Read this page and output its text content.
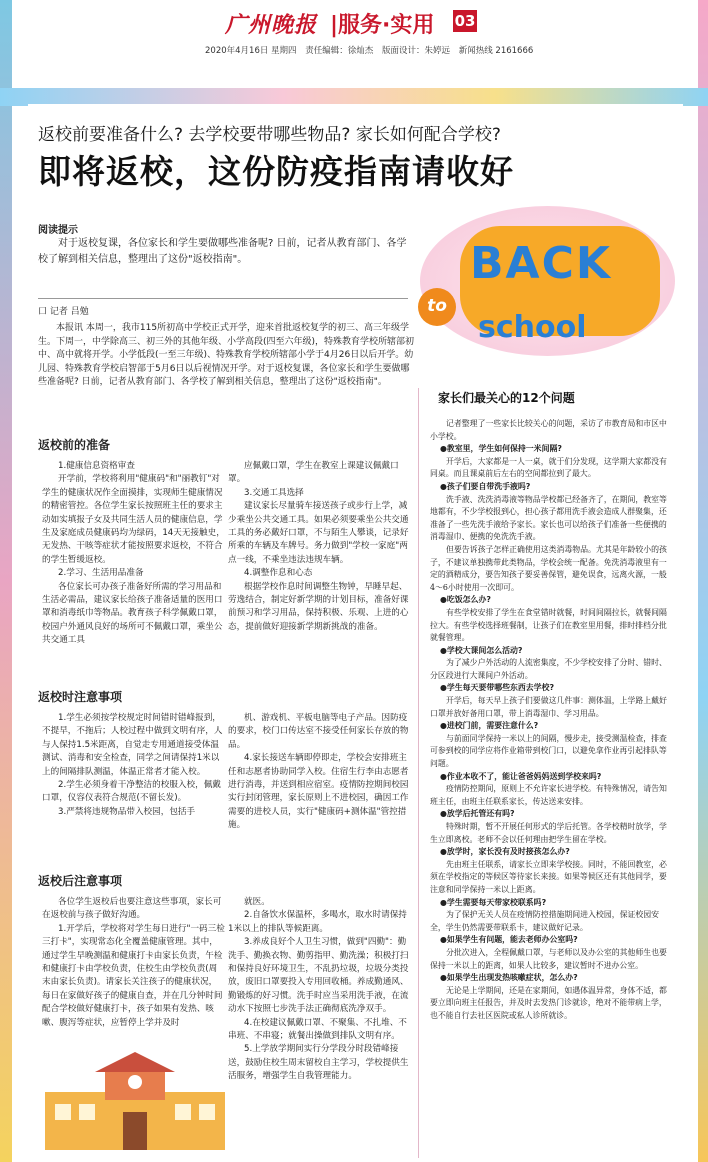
广州晚报 |服务·实用 03
2020年4月16日 星期四 责任编辑：徐灿杰 版面设计：朱婷远 新闻热线 2161666
返校前要准备什么? 去学校要带哪些物品? 家长如何配合学校?
即将返校，这份防疫指南请收好
BACK
to
school
阅读提示
对于返校复课，各位家长和学生要做哪些准备呢? 日前，记者从教育部门、各学校了解到相关信息，整理出了这份"返校指南"。
口 记者 吕勉
本报讯 本周一，我市115所初高中学校正式开学，迎来首批返校复学的初三、高三年级学生。下周一，中学除高三、初三外的其他年级、小学高段(四至六年级)，特殊教育学校所辖部初中、高中就将开学。小学低段(一至三年级)、特殊教育学校所辖部小学于4月26日以后开学。幼儿园、特殊教育学校启智部于5月6日以后视情况开学。对于返校复课，各位家长和学生要做哪些准备呢? 日前，记者从教育部门、各学校了解到相关信息，整理出了这份"返校指南"。
返校前的准备

1.健康信息资格审查

开学前，学校将利用"健康码"和"丽教钉"对学生的健康状况作全面摸排，实现师生健康情况的精密管控。各位学生家长按照班主任的要求主动如实填报子女及共同生活人员的健康信息，学生及家庭成员健康码均为绿码，14天无接触史，无发热、干咳等症状才能按照要求返校，不符合的学生暂缓返校。

2.学习、生活用品准备

各位家长可办孩子准备好所需的学习用品和生活必需品，建议家长给孩子准备适量的医用口罩和消毒纸巾等物品。教育孩子科学佩戴口罩，校园户外通风良好的场所可不佩戴口罩，乘坐公共交通工具

应佩戴口罩，学生在教室上课建议佩戴口罩。

3.交通工具选择

建议家长尽量骑车接送孩子或步行上学，减少乘坐公共交通工具。如果必须要乘坐公共交通工具的务必戴好口罩，不与陌生人攀谈，记录好所乘的车辆及车牌号。务力做到"学校一家庭"两点一线，不乘坐违法违规车辆。

4.调整作息和心态

根据学校作息时间调整生物钟，早睡早起、劳逸结合，制定好新学期的计划目标，准备好课前预习和学习用品，保持积极、乐观、上进的心态，提前做好迎接新学期新挑战的准备。

返校时注意事项

1.学生必须按学校规定时间错时错峰报到，不提早，不拖后；人校过程中做到文明有序，人与人保持1.5米距离，自觉走专用通道接受体温测试、消毒和安全检查，同学之间请保持1米以上的间隔排队测温，体温正常者才能入校。

2.学生必须身着干净整洁的校服入校，佩戴口罩，仪容仪表符合规范(不留长发)。

3.严禁将违规物品带入校园，包括手

机、游戏机、平板电脑等电子产品。因防疫的要求，校门口传达室不接受任何家长存放的物品。

4.家长接送车辆即停即走，学校会安排班主任和志愿者协助同学入校。住宿生行李由志愿者进行消毒，并送到相应宿室。疫情防控期间校园实行封闭管理，家长原则上不进校园，确因工作需要的进校人员，实行"健康码+测体温"管控措施。

返校后注意事项

各位学生返校后也要注意这些事项，家长可在返校前与孩子做好沟通。

1.开学后，学校将对学生每日进行"一码三检三打卡"，实现常态化全覆盖健康管理。其中，通过学生早晚测温和健康打卡由家长负责，午检和健康打卡由学校负责，住校生由学校负责(周末由家长负责)。请家长关注孩子的健康状况，每日在家做好孩子的健康自查，并在几分钟时间配合学校做好健康打卡，孩子如果有发热、咳嗽、腹泻等症状，应暂停上学并及时

就医。

2.自备饮水保温杯，多喝水，取水时请保持1米以上的排队等候距离。

3.养成良好个人卫生习惯，做到"四勤"：勤洗手、勤换衣物、勤剪指甲、勤洗澡；积极打扫和保持良好环境卫生，不乱扔垃圾，垃圾分类投放，废旧口罩要投入专用回收桶。养成勤通风、勤锻炼的好习惯。洗手时应当采用洗手液，在流动水下按照七步洗手法正确彻底洗净双手。

4.在校建议佩戴口罩、不聚集、不扎堆、不串班、不串寝；就餐出操做到排队文明有序。

5.上学放学期间实行分学段分时段错峰接送，鼓励住校生周末留校自主学习，学校提供生活服务，增强学生自我管理能力。

家长们最关心的12个问题

记者整理了一些家长比较关心的问题，采访了市教育局和市区中小学校。

●教室里，学生如何保持一米间隔?

开学后，大家都是一人一桌，就于们分发现，这学期大家都没有同桌。而且课桌前后左右的空间都拉到了最大。

●孩子们要自带洗手液吗?

洗手液、洗洗消毒液等物品学校都已经备齐了，在期间，教室等地都有，不少学校报到心，担心孩子都用洗手液会造成人群聚集，还准备了一些先洗手液给予家长。家长也可以给孩子们准备一些便携的消毒湿巾、便携的免洗洗手液。

但要告诉孩子怎样正确使用这类消毒物品。尤其是年龄较小的孩子，不建议单独携带此类物品，学校会统一配备。免洗消毒液里有一定的酒精成分，要告知孩子要妥善保管，避免误食，远离火源，一般4～6小时使用一次即可。

●吃饭怎么办?

有些学校安排了学生在食堂错时就餐，时间间隔拉长，就餐间隔拉大。有些学校选择班餐制，让孩子们在教室里用餐，排时排档分批就餐管理。

●学校大课间怎么活动?

为了减少户外活动的人流密集度，不少学校安排了分时、错时、分区段进行大课间户外活动。

●学生每天要带哪些东西去学校?

开学后，每天早上孩子们要做这几件事：测体温，上学路上戴好口罩并放好备用口罩，带上消毒湿巾、学习用品。

●进校门前，需要注意什么?

与前面同学保持一米以上的间隔，慢步走，接受测温检查，排查可参到校的同学应将作业箱带到校门口，以避免拿作业再引起排队等问题。

●作业本收不了，能让爸爸妈妈送到学校来吗?

疫情防控期间，原则上不允许家长进学校。有特殊情况，请告知班主任，由班主任联系家长，传达送来安排。

●放学后托管还有吗?

特殊时期，暂不开展任何形式的学后托管。各学校精时放学，学生立即离校。老师不会以任何理由把学生留在学校。

●放学时，家长没有及时接孩怎么办?

先由班主任联系，请家长立即来学校接。同时，不能回教室，必须在学校指定的等候区等待家长来接。如果等候区还有其他同学，要注意和同学保持一米以上距离。

●学生需要每天带家校联系吗?

为了保护无关人员在疫情防控措施期间进入校园，保证校园安全，学生仍然需要带联系卡，建议做好记录。

●如果学生有问题，能去老师办公室吗?

分批次进入，全程佩戴口罩，与老师以及办公室的其他师生也要保持一米以上的距离，如果人比较多，建议暂时不进办公室。

●如果学生出现发热咳嗽症状，怎么办?

无论是上学期间，还是在家期间，如遇体温异常，身体不适，都要立即向班主任报告，并及时去发热门诊就诊，绝对不能带病上学，也不能自行去社区医院或私人诊所就诊。
